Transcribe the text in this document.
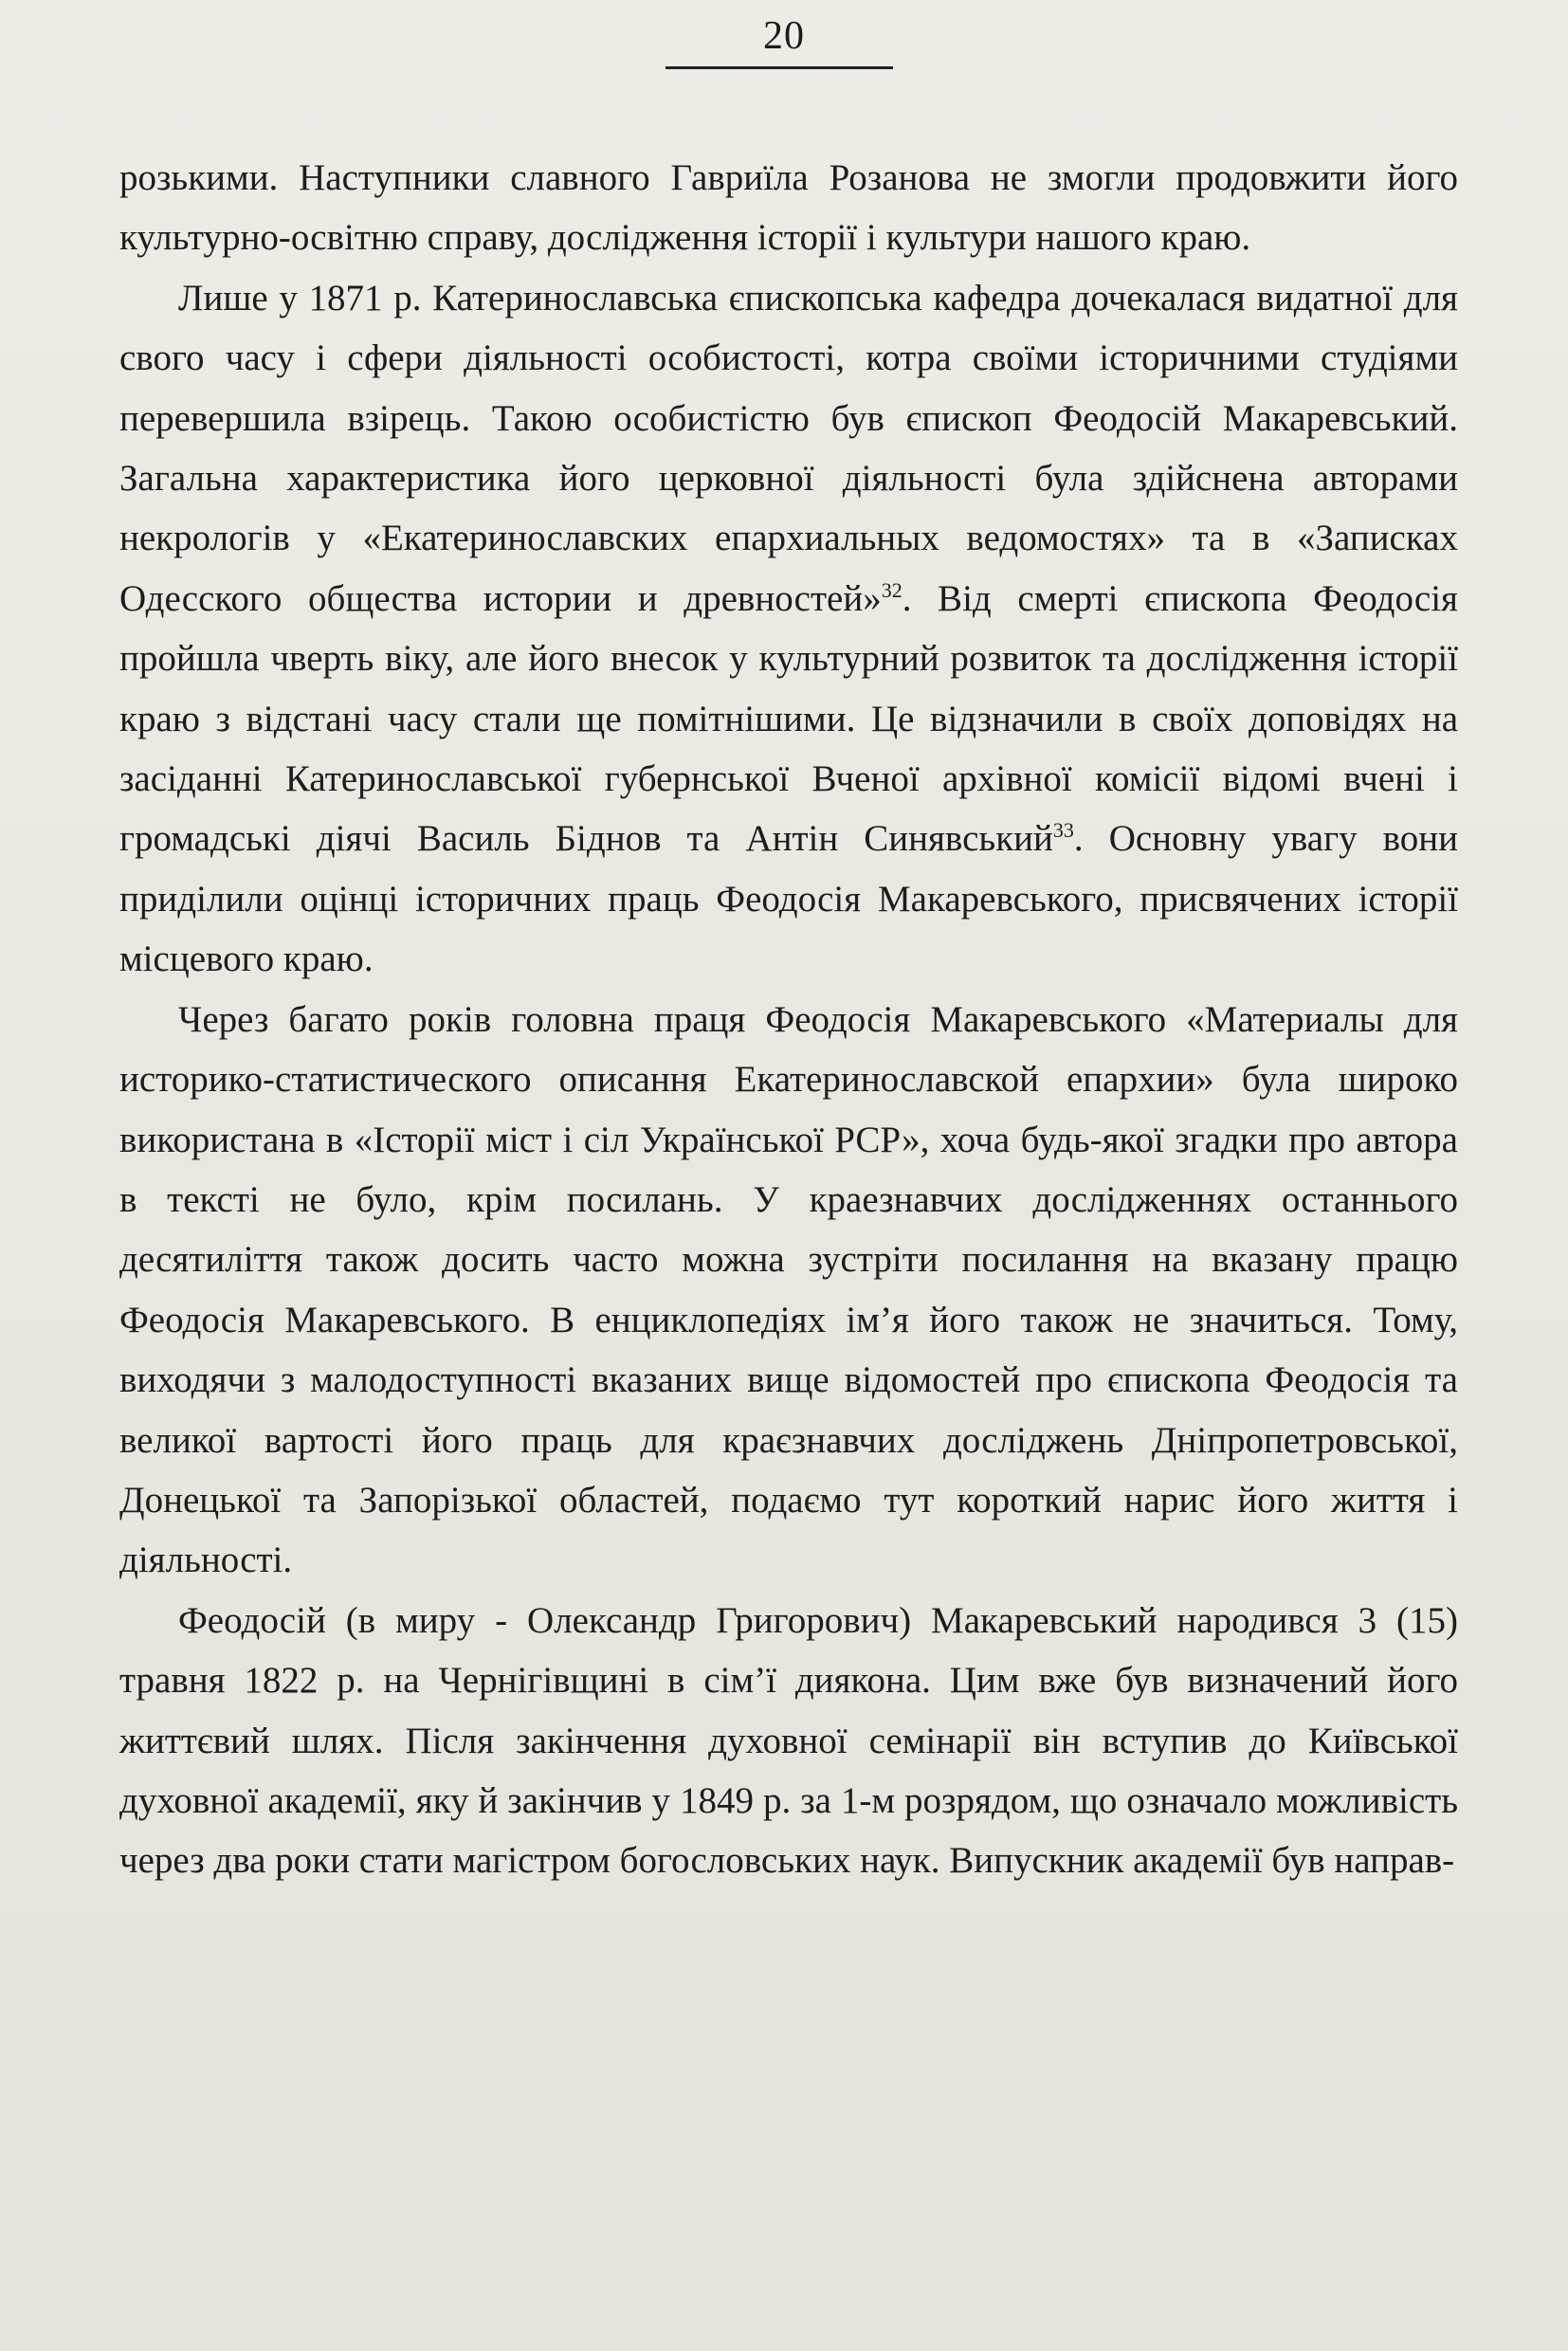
20

розькими. Наступники славного Гавриїла Розанова не змогли продовжити його культурно-освітню справу, дослідження історії і культури нашого краю.

Лише у 1871 р. Катеринославська єпископська кафедра дочекалася видатної для свого часу і сфери діяльності особистості, котра своїми історичними студіями перевершила взірець. Такою особистістю був єпископ Феодосій Макаревський. Загальна характеристика його церковної діяльності була здійснена авторами некрологів у «Екатеринославских епархиальных ведомостях» та в «Записках Одесского общества истории и древностей»$^{32}$. Від смерті єпископа Феодосія пройшла чверть віку, але його внесок у культурний розвиток та дослідження історії краю з відстані часу стали ще помітнішими. Це відзначили в своїх доповідях на засіданні Катеринославської губернської Вченої архівної комісії відомі вчені і громадські діячі Василь Біднов та Антін Синявський$^{33}$. Основну увагу вони приділили оцінці історичних праць Феодосія Макаревського, присвячених історії місцевого краю.

Через багато років головна праця Феодосія Макаревського «Материалы для историко-статистического описання Екатеринославской епархии» була широко використана в «Історії міст і сіл Української РСР», хоча будь-якої згадки про автора в тексті не було, крім посилань. У краезнавчих дослідженнях останнього десятиліття також досить часто можна зустріти посилання на вказану працю Феодосія Макаревського. В енциклопедіях ім’я його також не значиться. Тому, виходячи з малодоступності вказаних вище відомостей про єпископа Феодосія та великої вартості його праць для краєзнавчих досліджень Дніпропетровської, Донецької та Запорізької областей, подаємо тут короткий нарис його життя і діяльності.

Феодосій (в миру - Олександр Григорович) Макаревський народився 3 (15) травня 1822 р. на Чернігівщині в сім’ї диякона. Цим вже був визначений його життєвий шлях. Після закінчення духовної семінарії він вступив до Київської духовної академії, яку й закінчив у 1849 р. за 1-м розрядом, що означало можливість через два роки стати магістром богословських наук. Випускник академії був направ-
